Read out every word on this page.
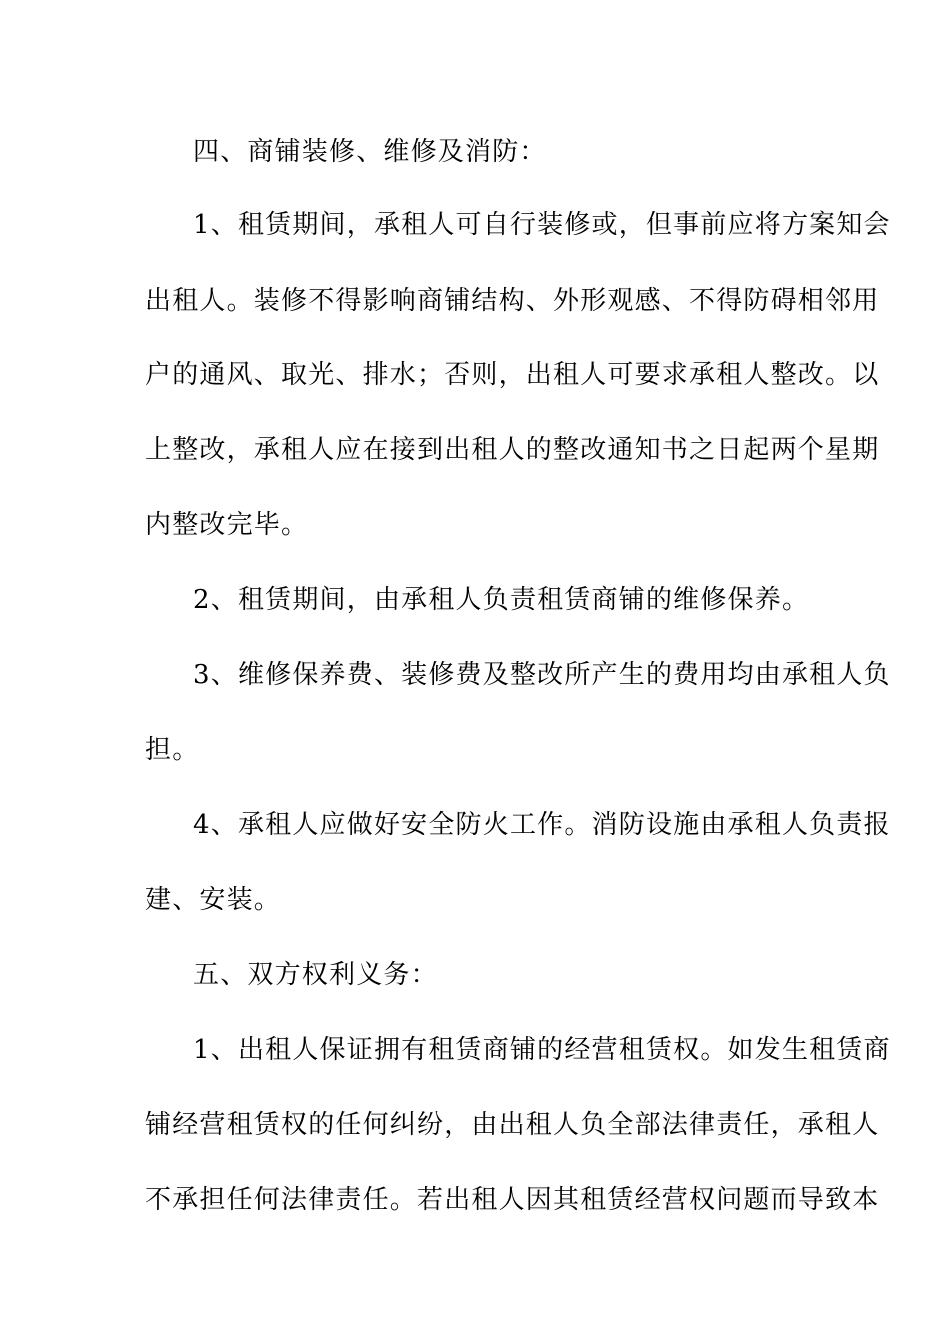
四、商铺装修、维修及消防：
1、租赁期间，承租人可自行装修或，但事前应将方案知会
出租人。装修不得影响商铺结构、外形观感、不得防碍相邻用
户的通风、取光、排水；否则，出租人可要求承租人整改。以
上整改，承租人应在接到出租人的整改通知书之日起两个星期
内整改完毕。
2、租赁期间，由承租人负责租赁商铺的维修保养。
3、维修保养费、装修费及整改所产生的费用均由承租人负
担。
4、承租人应做好安全防火工作。消防设施由承租人负责报
建、安装。
五、双方权利义务：
1、出租人保证拥有租赁商铺的经营租赁权。如发生租赁商
铺经营租赁权的任何纠纷，由出租人负全部法律责任，承租人
不承担任何法律责任。若出租人因其租赁经营权问题而导致本
